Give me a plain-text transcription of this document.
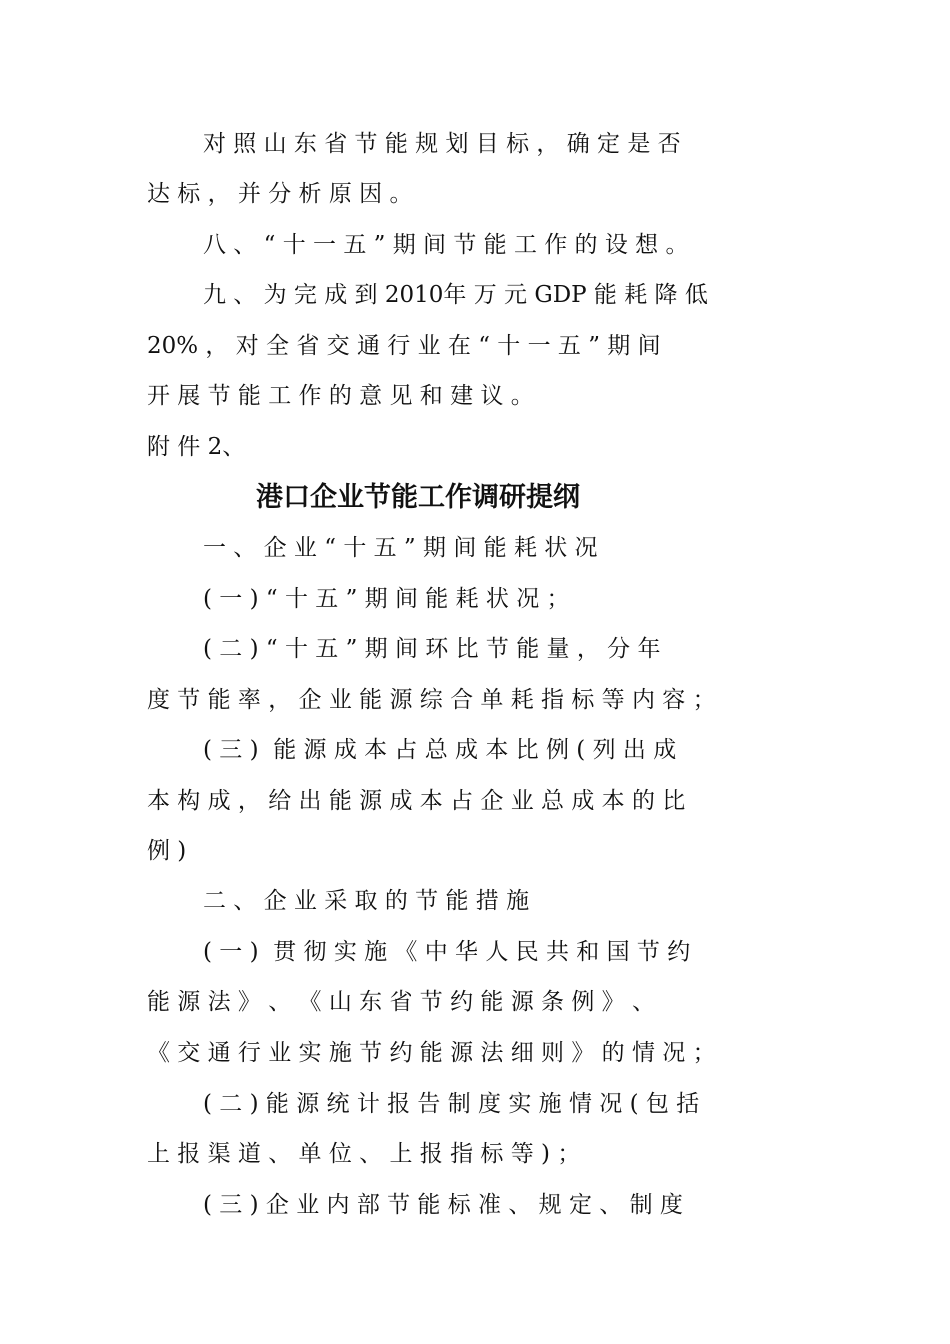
对 照 山 东 省 节 能 规 划 目 标 ， 确 定 是 否
达 标 ， 并 分 析 原 因 。
八 、 “ 十 一 五 ” 期 间 节 能 工 作 的 设 想 。
九 、 为 完 成 到 2010年 万 元 GDP 能 耗 降 低
20% ， 对 全 省 交 通 行 业 在 “ 十 一 五 ” 期 间
开 展 节 能 工 作 的 意 见 和 建 议 。
附 件 2、
港口企业节能工作调研提纲
一 、 企 业 “ 十 五 ” 期 间 能 耗 状 况
( 一 ) “ 十 五 ” 期 间 能 耗 状 况 ；
( 二 ) “ 十 五 ” 期 间 环 比 节 能 量 ， 分 年
度 节 能 率 ， 企 业 能 源 综 合 单 耗 指 标 等 内 容 ；
( 三 )  能 源 成 本 占 总 成 本 比 例 ( 列 出 成
本 构 成 ， 给 出 能 源 成 本 占 企 业 总 成 本 的 比
例 )
二 、 企 业 采 取 的 节 能 措 施
( 一 )  贯 彻 实 施 《 中 华 人 民 共 和 国 节 约
能 源 法 》 、 《 山 东 省 节 约 能 源 条 例 》 、
《 交 通 行 业 实 施 节 约 能 源 法 细 则 》 的 情 况 ；
( 二 ) 能 源 统 计 报 告 制 度 实 施 情 况 ( 包 括
上 报 渠 道 、 单 位 、 上 报 指 标 等 ) ；
( 三 ) 企 业 内 部 节 能 标 准 、 规 定 、 制 度
